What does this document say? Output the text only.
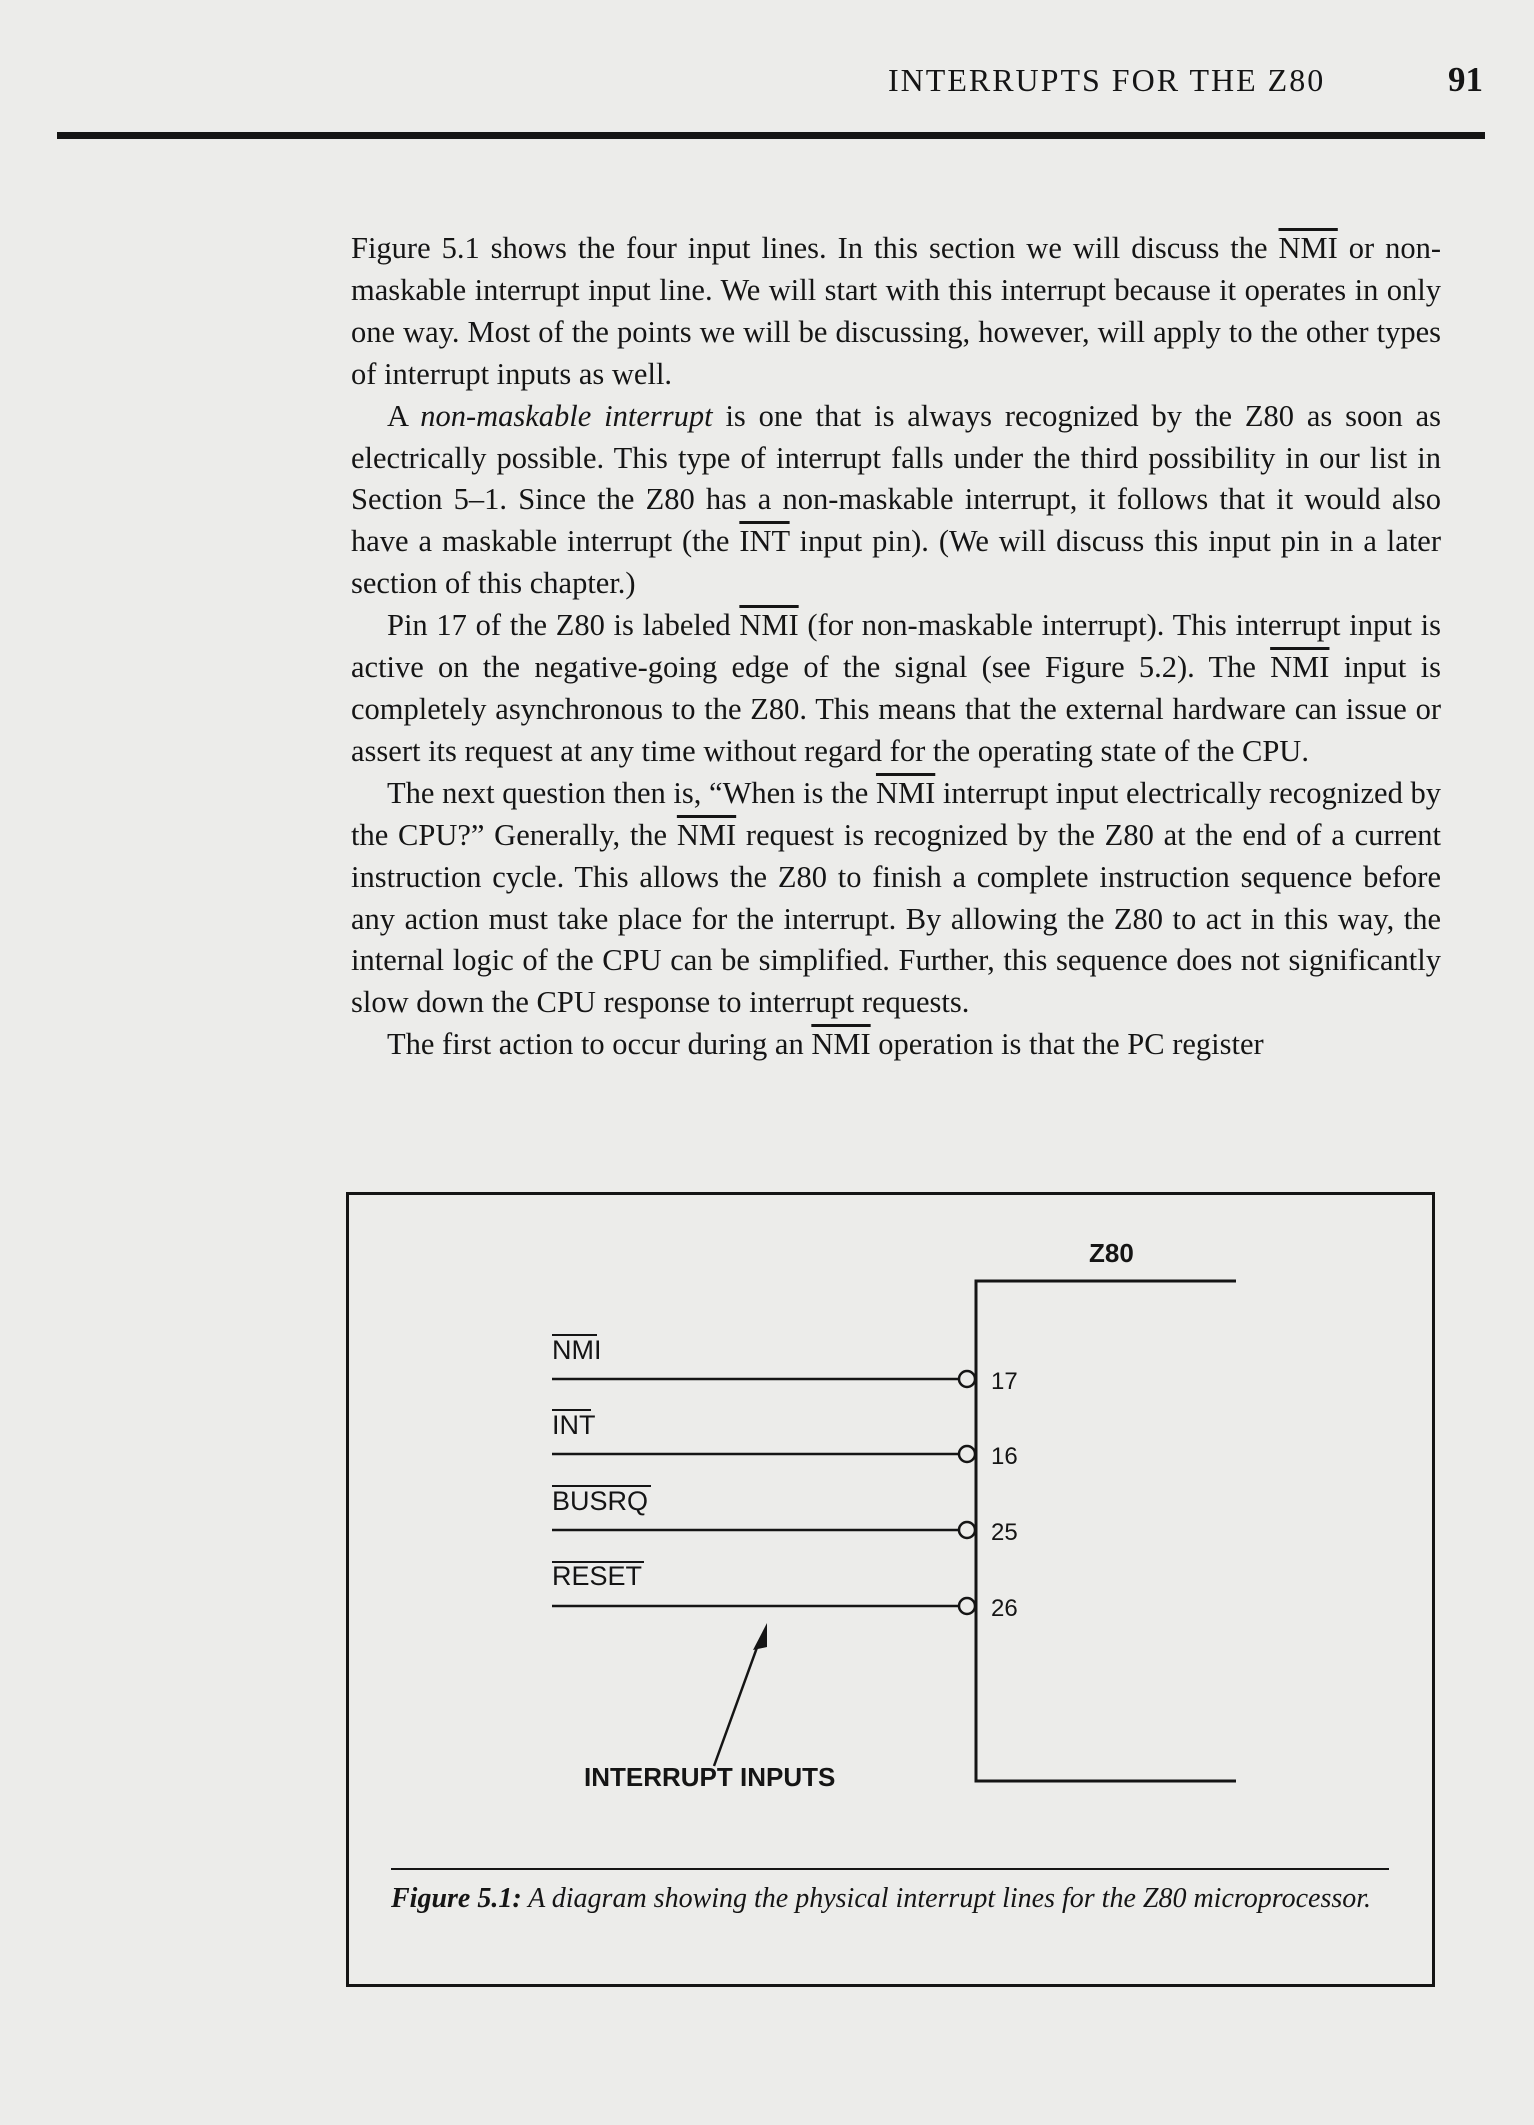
INTERRUPTS FOR THE Z80	91

Figure 5.1 shows the four input lines. In this section we will discuss the $\overline{NMI}$ or non-maskable interrupt input line. We will start with this interrupt because it operates in only one way. Most of the points we will be discussing, however, will apply to the other types of interrupt inputs as well.

A non-maskable interrupt is one that is always recognized by the Z80 as soon as electrically possible. This type of interrupt falls under the third possibility in our list in Section 5–1. Since the Z80 has a non-maskable interrupt, it follows that it would also have a maskable interrupt (the $\overline{INT}$ input pin). (We will discuss this input pin in a later section of this chapter.)

Pin 17 of the Z80 is labeled $\overline{NMI}$ (for non-maskable interrupt). This interrupt input is active on the negative-going edge of the signal (see Figure 5.2). The $\overline{NMI}$ input is completely asynchronous to the Z80. This means that the external hardware can issue or assert its request at any time without regard for the operating state of the CPU.

The next question then is, “When is the $\overline{NMI}$ interrupt input electrically recognized by the CPU?” Generally, the $\overline{NMI}$ request is recognized by the Z80 at the end of a current instruction cycle. This allows the Z80 to finish a complete instruction sequence before any action must take place for the interrupt. By allowing the Z80 to act in this way, the internal logic of the CPU can be simplified. Further, this sequence does not significantly slow down the CPU response to interrupt requests.

The first action to occur during an $\overline{NMI}$ operation is that the PC register

Z80
NMI
17
INT
16
BUSRQ
25
RESET
26
INTERRUPT INPUTS
Figure 5.1: A diagram showing the physical interrupt lines for the Z80 microprocessor.
